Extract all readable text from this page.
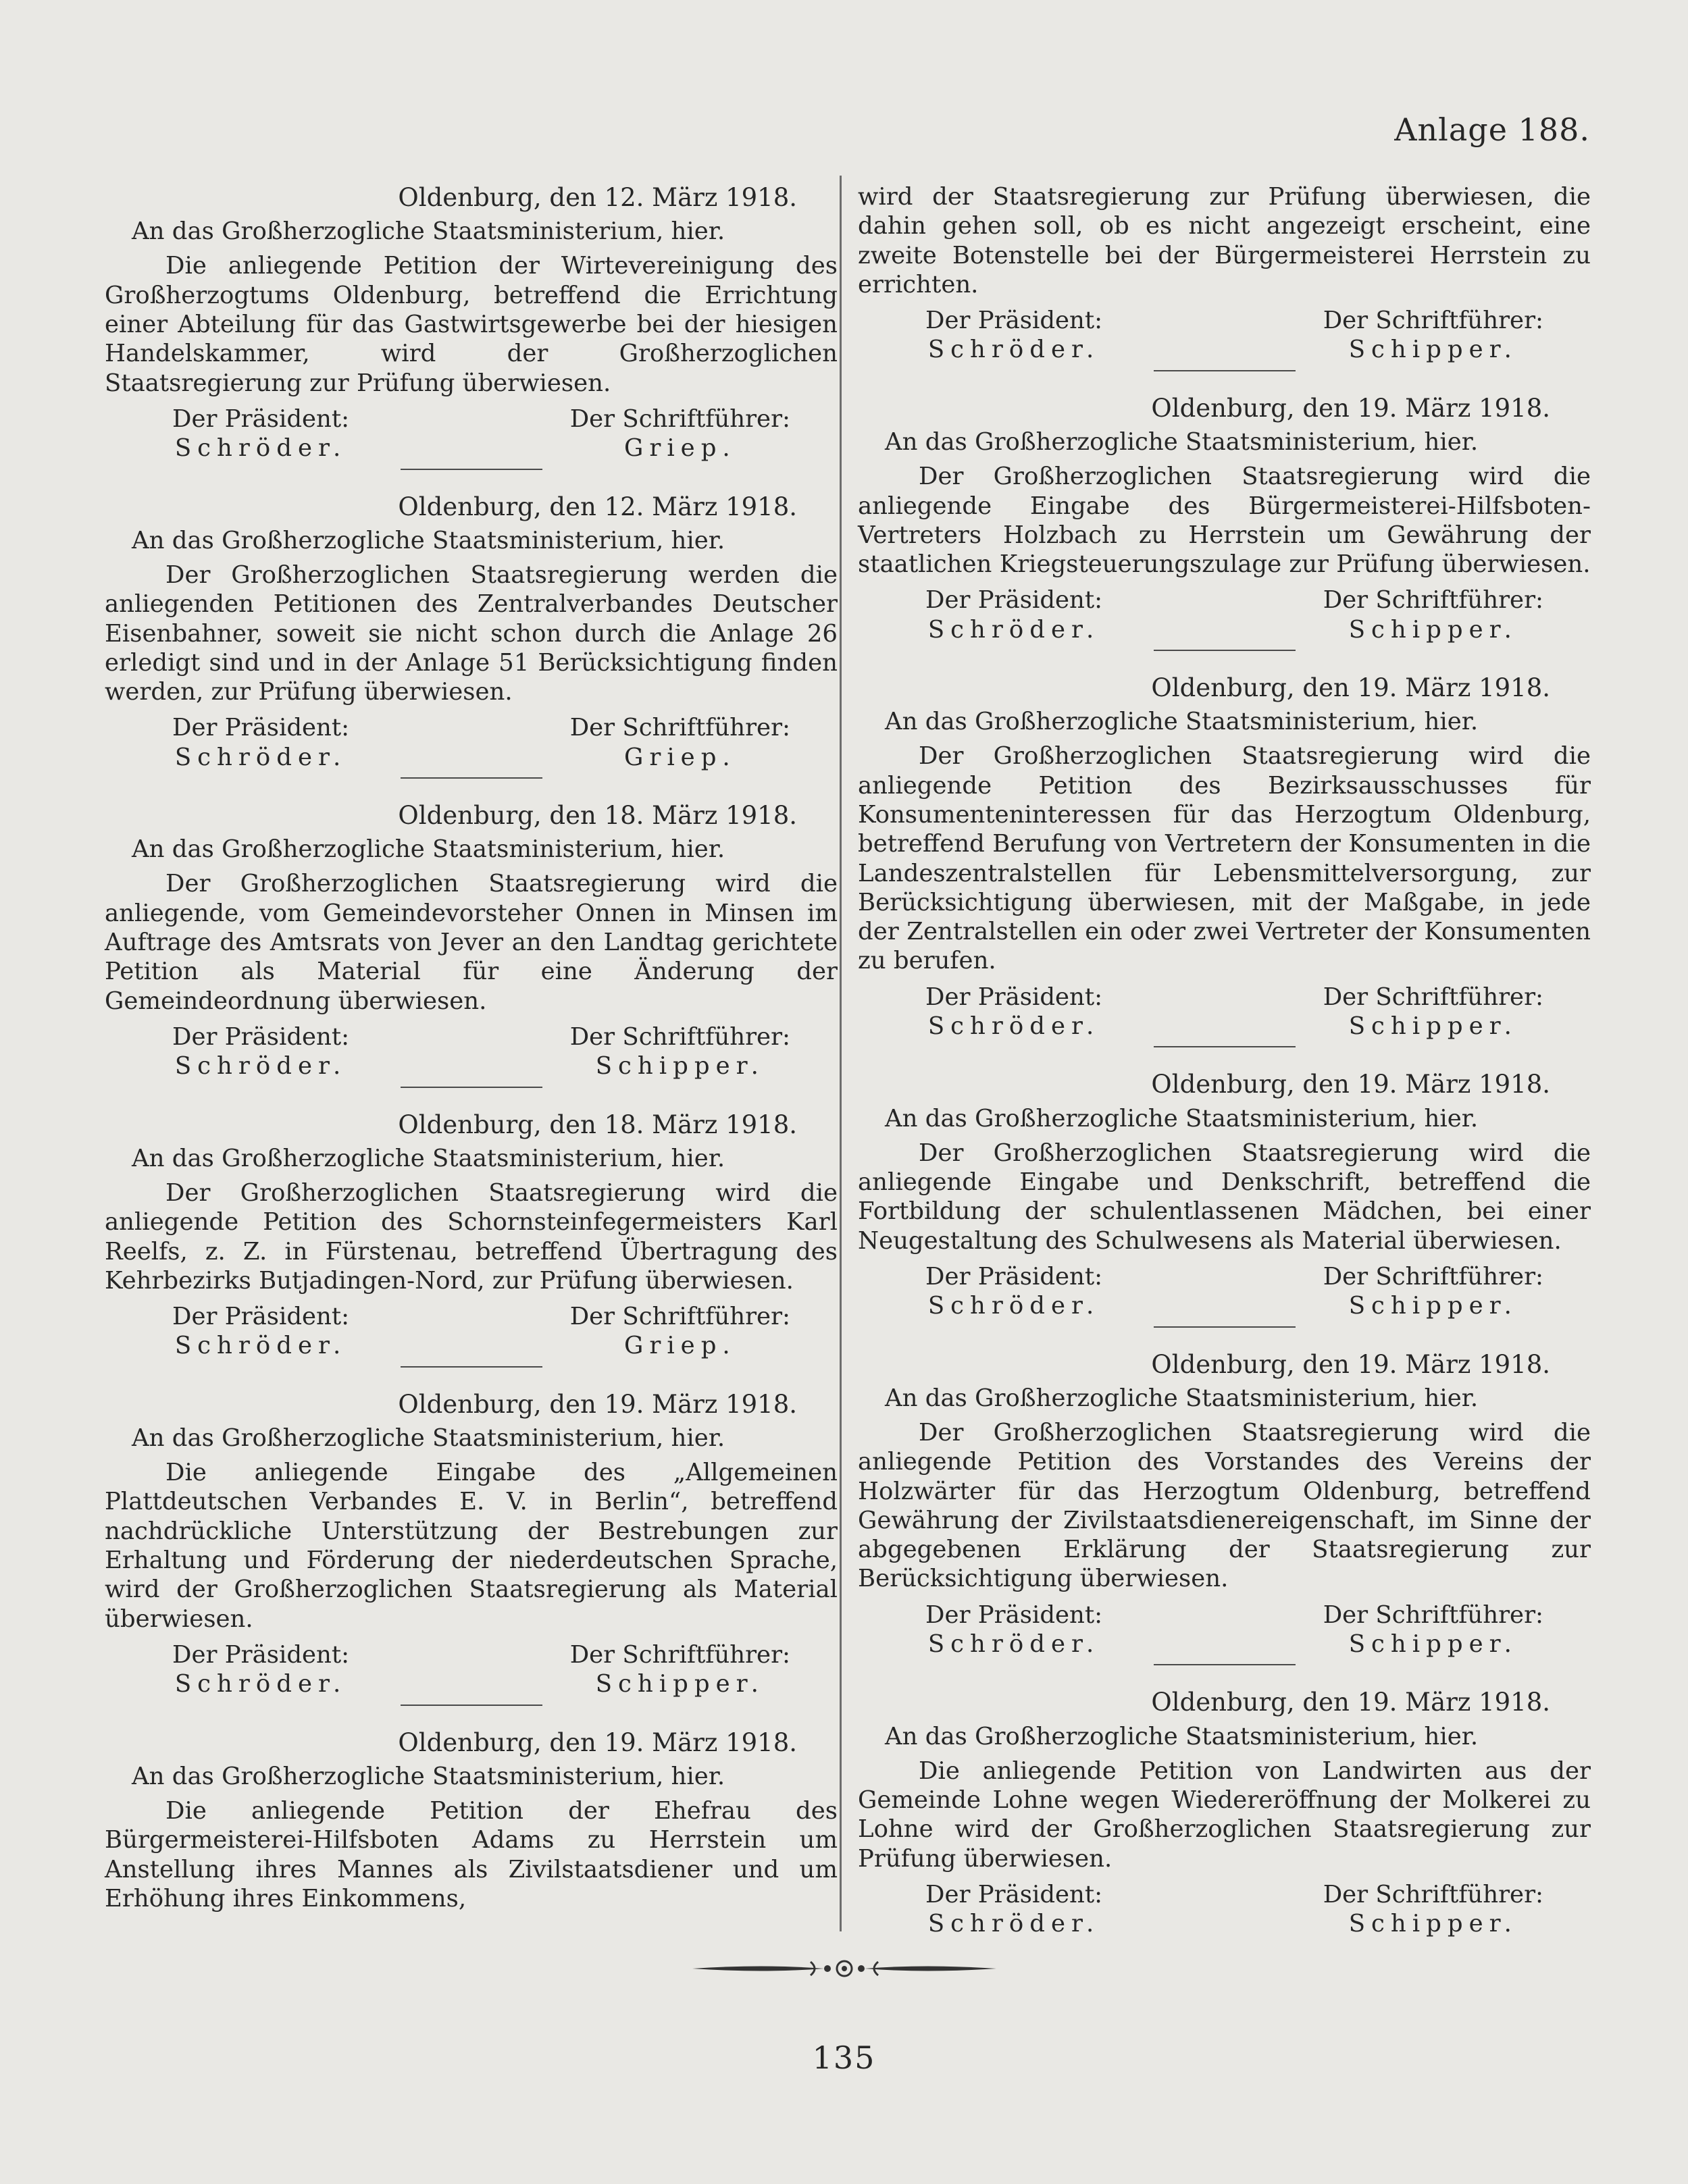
Anlage 188.
Oldenburg, den 12. März 1918.
An das Großherzogliche Staatsministerium, hier.
Die anliegende Petition der Wirtevereinigung des Großherzogtums Oldenburg, betreffend die Errichtung einer Abteilung für das Gastwirtsgewerbe bei der hiesigen Handelskammer, wird der Großherzoglichen Staatsregierung zur Prüfung überwiesen.
Der Präsident:
Schröder.
Der Schriftführer:
Griep.
Oldenburg, den 12. März 1918.
An das Großherzogliche Staatsministerium, hier.
Der Großherzoglichen Staatsregierung werden die anliegenden Petitionen des Zentralverbandes Deutscher Eisenbahner, soweit sie nicht schon durch die Anlage 26 erledigt sind und in der Anlage 51 Berücksichtigung finden werden, zur Prüfung überwiesen.
Der Präsident:
Schröder.
Der Schriftführer:
Griep.
Oldenburg, den 18. März 1918.
An das Großherzogliche Staatsministerium, hier.
Der Großherzoglichen Staatsregierung wird die anliegende, vom Gemeindevorsteher Onnen in Minsen im Auftrage des Amtsrats von Jever an den Landtag gerichtete Petition als Material für eine Änderung der Gemeindeordnung überwiesen.
Der Präsident:
Schröder.
Der Schriftführer:
Schipper.
Oldenburg, den 18. März 1918.
An das Großherzogliche Staatsministerium, hier.
Der Großherzoglichen Staatsregierung wird die anliegende Petition des Schornsteinfegermeisters Karl Reelfs, z. Z. in Fürstenau, betreffend Übertragung des Kehrbezirks Butjadingen-Nord, zur Prüfung überwiesen.
Der Präsident:
Schröder.
Der Schriftführer:
Griep.
Oldenburg, den 19. März 1918.
An das Großherzogliche Staatsministerium, hier.
Die anliegende Eingabe des „Allgemeinen Plattdeutschen Verbandes E. V. in Berlin“, betreffend nachdrückliche Unterstützung der Bestrebungen zur Erhaltung und Förderung der niederdeutschen Sprache, wird der Großherzoglichen Staatsregierung als Material überwiesen.
Der Präsident:
Schröder.
Der Schriftführer:
Schipper.
Oldenburg, den 19. März 1918.
An das Großherzogliche Staatsministerium, hier.
Die anliegende Petition der Ehefrau des Bürgermeisterei-Hilfsboten Adams zu Herrstein um Anstellung ihres Mannes als Zivilstaatsdiener und um Erhöhung ihres Einkommens,
wird der Staatsregierung zur Prüfung überwiesen, die dahin gehen soll, ob es nicht angezeigt erscheint, eine zweite Botenstelle bei der Bürgermeisterei Herrstein zu errichten.
Der Präsident:
Schröder.
Der Schriftführer:
Schipper.
Oldenburg, den 19. März 1918.
An das Großherzogliche Staatsministerium, hier.
Der Großherzoglichen Staatsregierung wird die anliegende Eingabe des Bürgermeisterei-Hilfsboten-Vertreters Holzbach zu Herrstein um Gewährung der staatlichen Kriegsteuerungszulage zur Prüfung überwiesen.
Der Präsident:
Schröder.
Der Schriftführer:
Schipper.
Oldenburg, den 19. März 1918.
An das Großherzogliche Staatsministerium, hier.
Der Großherzoglichen Staatsregierung wird die anliegende Petition des Bezirksausschusses für Konsumenteninteressen für das Herzogtum Oldenburg, betreffend Berufung von Vertretern der Konsumenten in die Landeszentralstellen für Lebensmittelversorgung, zur Berücksichtigung überwiesen, mit der Maßgabe, in jede der Zentralstellen ein oder zwei Vertreter der Konsumenten zu berufen.
Der Präsident:
Schröder.
Der Schriftführer:
Schipper.
Oldenburg, den 19. März 1918.
An das Großherzogliche Staatsministerium, hier.
Der Großherzoglichen Staatsregierung wird die anliegende Eingabe und Denkschrift, betreffend die Fortbildung der schulentlassenen Mädchen, bei einer Neugestaltung des Schulwesens als Material überwiesen.
Der Präsident:
Schröder.
Der Schriftführer:
Schipper.
Oldenburg, den 19. März 1918.
An das Großherzogliche Staatsministerium, hier.
Der Großherzoglichen Staatsregierung wird die anliegende Petition des Vorstandes des Vereins der Holzwärter für das Herzogtum Oldenburg, betreffend Gewährung der Zivilstaatsdienereigenschaft, im Sinne der abgegebenen Erklärung der Staatsregierung zur Berücksichtigung überwiesen.
Der Präsident:
Schröder.
Der Schriftführer:
Schipper.
Oldenburg, den 19. März 1918.
An das Großherzogliche Staatsministerium, hier.
Die anliegende Petition von Landwirten aus der Gemeinde Lohne wegen Wiedereröffnung der Molkerei zu Lohne wird der Großherzoglichen Staatsregierung zur Prüfung überwiesen.
Der Präsident:
Schröder.
Der Schriftführer:
Schipper.
135
